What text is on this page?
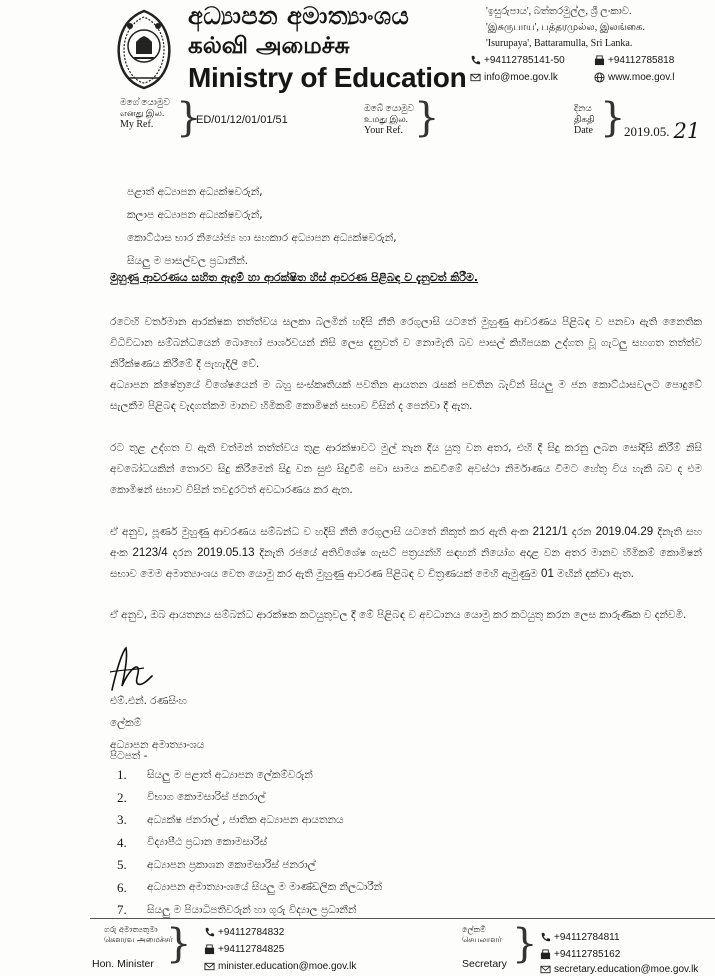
අධ්‍යාපන අමාත්‍යාංශය
கல்வி அமைச்சு
Ministry of Education
'ඉසුරුපාය', බත්තරමුල්ල, ශ්‍රී ලංකාව.
'இசுருபாய', பத்தரமுல்ல, இலங்கை.
'Isurupaya', Battaramulla, Sri Lanka.
+94112785141-50	+94112785818
info@moe.gov.lk	www.moe.gov.l
මගේ යොමුව
எனது இல.
My Ref. }
ED/01/12/01/01/51
ඔබේ යොමුව
உமது இல.
Your Ref. }	දිනය
திகதி
Date }
2019.05. 21
පළාත් අධ්‍යාපන අධ්‍යක්ෂවරුන්,
කලාප අධ්‍යාපන අධ්‍යක්ෂවරුන්,
කොට්ඨාස භාර නියෝජ්‍ය හා සහකාර අධ්‍යාපන අධ්‍යක්ෂවරුන්,
සියලු ම පාසල්වල ප්‍රධානීන්.
මුහුණු ආවරණය සහිත ඇඳුම් හා ආරක්ෂිත හිස් ආවරණ පිළිබඳ ව දැනුවත් කිරීම.
රටෙහි වර්තමාන ආරක්ෂක තත්ත්වය සලකා බලමින් හදිසි නීති රෙගුලාසි යටතේ මුහුණු ආවරණය පිළිබඳ ව පනවා ඇති නෛතික විධිවිධාන සම්බන්ධයෙන් බොහෝ පාර්ශවයන් නිසි ලෙස දැනුවත් ව නොමැති බව පාසල් කිහිපයක උද්ගත වූ ගැටලු සහගත තත්ත්ව නිරීක්ෂණය කිරීමේ දී පැහැදිලි වේ.
අධ්‍යාපන ක්ෂේත්‍රයේ විශේෂයෙන් ම බහු සංස්කෘතියක් පවතින ආයතන රැසක් පවතින බැවින් සියලු ම ජන කොට්ඨාසවලට පොදුවේ සැලකීම පිළිබඳ වැදගත්කම මානව හිමිකම් කොමිෂන් සභාව විසින් ද පෙන්වා දී ඇත.
රට තුළ උද්ගත ව ඇති වත්මන් තත්ත්වය තුළ ආරක්ෂාවට මුල් තැන දිය යුතු වන අතර, එහි දී සිදු කරනු ලබන සෝදිසි කිරීම් නිසි අවබෝධයකින් තොරව සිදු කිරීමෙන් සිදු වන සුළු සිදුවීම් පවා සාමය කඩවීමේ අවස්ථා නිර්මාණය වීමට හේතු විය හැකි බව ද එම කොමිෂන් සභාව විසින් තවදුරටත් අවධාරණය කර ඇත.
ඒ අනුව, පූර්ණ මුහුණු ආවරණය සම්බන්ධ ව හදිසි නීති රෙගුලාසි යටතේ නිකුත් කර ඇති අංක 2121/1 දරන 2019.04.29 දිනැති සහ අංක 2123/4 දරන 2019.05.13 දිනැති රජයේ අතිවිශේෂ ගැසට් පත්‍රයන්හි සඳහන් නියෝග අදාළ වන අතර මානව හිමිකම් කොමිෂන් සභාව මෙම අමාත්‍යාංශය වෙත යොමු කර ඇති මුහුණු ආවරණ පිළිබඳ ව චිත්‍රණයක් මෙහි ඇමුණුම 01 මඟින් දක්වා ඇත.
ඒ අනුව, ඔබ ආයතනය සම්බන්ධ ආරක්ෂක කටයුතුවල දී මේ පිළිබඳ ව අවධානය යොමු කර කටයුතු කරන ලෙස කාරුණික ව දන්වමි.
එම්.එන්. රණසිංහ
ලේකම්
අධ්‍යාපන අමාත්‍යාංශය
පිටපත් -
1.	සියලු ම පළාත් අධ්‍යාපන ලේකම්වරුන්
2.	විභාග කොමසාරිස් ජනරාල්
3.	අධ්‍යක්ෂ ජනරාල් , ජාතික අධ්‍යාපන ආයතනය
4.	විද්‍යාපීඨ ප්‍රධාන කොමසාරිස්
5.	අධ්‍යාපන ප්‍රකාශන කොමසාරිස් ජනරාල්
6.	අධ්‍යාපන අමාත්‍යාංශයේ සියලු ම මාණ්ඩලික නිලධාරීන්
7.	සියලු ම පියාධිපතිවරුන් හා ගුරු විද්‍යාල ප්‍රධානීන්
ගරු අමාත්‍යතුමා
கௌரவ அமைச்சர்
}
Hon. Minister
+94112784832
+94112784825
minister.education@moe.gov.lk
ලේකම්
செயலாளர் }
Secretary
+94112784811
+94112785162
secretary.education@moe.gov.lk
